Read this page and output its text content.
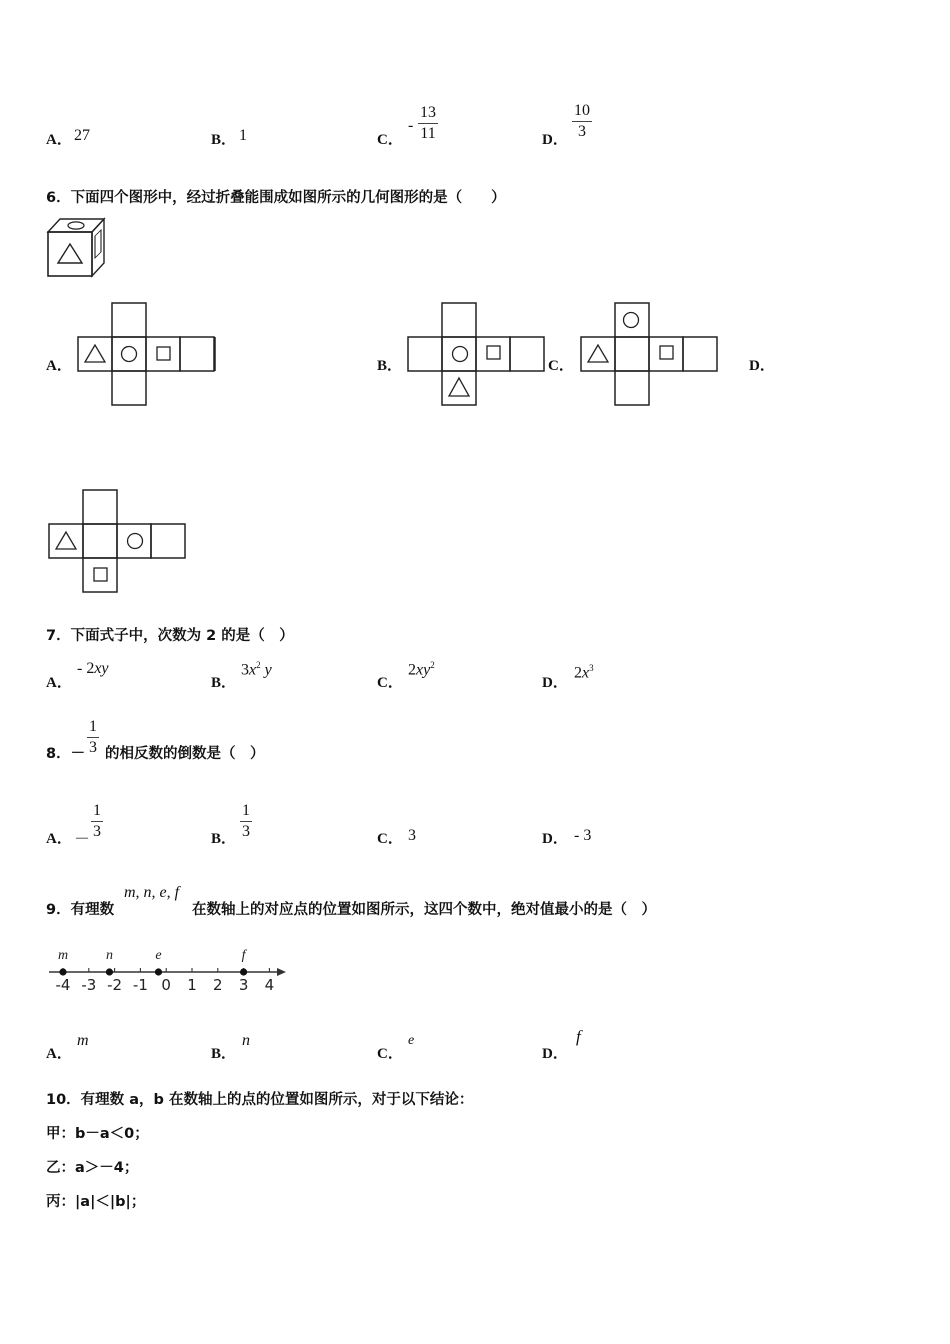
A． 27	B． 1	C．
-
13
11	D．
10
3
6．下面四个图形中，经过折叠能围成如图所示的几何图形的是（　　）
A．	B．	C．	D．
7．下面式子中，次数为 2 的是（　）
A．
- 2xy
B．
$3x^2$ y
C．
$2xy^2$
D．
$2x^3$
8．－
1
3 的相反数的倒数是（　）
A． －
1
3	B．
1
3	C． 3	D． - 3
9．有理数
m, n, e, f
在数轴上的对应点的位置如图所示，这四个数中，绝对值最小的是（　）
-4 -3 -2 -1 0 1 2 3 4
m	n	e	f
A．
m
B．
n
C．
e
D．
f
10．有理数 a，b 在数轴上的点的位置如图所示，对于以下结论：
甲：b－a＜0；
乙：a＞－4；
丙：|a|＜|b|；
